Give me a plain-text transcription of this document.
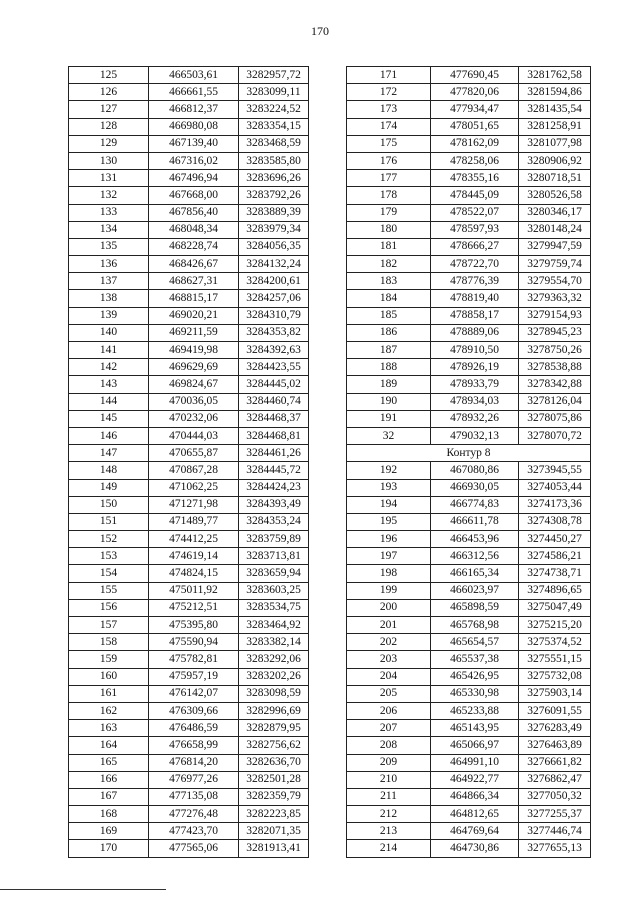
170
125	466503,61	3282957,72
126	466661,55	3283099,11
127	466812,37	3283224,52
128	466980,08	3283354,15
129	467139,40	3283468,59
130	467316,02	3283585,80
131	467496,94	3283696,26
132	467668,00	3283792,26
133	467856,40	3283889,39
134	468048,34	3283979,34
135	468228,74	3284056,35
136	468426,67	3284132,24
137	468627,31	3284200,61
138	468815,17	3284257,06
139	469020,21	3284310,79
140	469211,59	3284353,82
141	469419,98	3284392,63
142	469629,69	3284423,55
143	469824,67	3284445,02
144	470036,05	3284460,74
145	470232,06	3284468,37
146	470444,03	3284468,81
147	470655,87	3284461,26
148	470867,28	3284445,72
149	471062,25	3284424,23
150	471271,98	3284393,49
151	471489,77	3284353,24
152	474412,25	3283759,89
153	474619,14	3283713,81
154	474824,15	3283659,94
155	475011,92	3283603,25
156	475212,51	3283534,75
157	475395,80	3283464,92
158	475590,94	3283382,14
159	475782,81	3283292,06
160	475957,19	3283202,26
161	476142,07	3283098,59
162	476309,66	3282996,69
163	476486,59	3282879,95
164	476658,99	3282756,62
165	476814,20	3282636,70
166	476977,26	3282501,28
167	477135,08	3282359,79
168	477276,48	3282223,85
169	477423,70	3282071,35
170	477565,06	3281913,41
171	477690,45	3281762,58
172	477820,06	3281594,86
173	477934,47	3281435,54
174	478051,65	3281258,91
175	478162,09	3281077,98
176	478258,06	3280906,92
177	478355,16	3280718,51
178	478445,09	3280526,58
179	478522,07	3280346,17
180	478597,93	3280148,24
181	478666,27	3279947,59
182	478722,70	3279759,74
183	478776,39	3279554,70
184	478819,40	3279363,32
185	478858,17	3279154,93
186	478889,06	3278945,23
187	478910,50	3278750,26
188	478926,19	3278538,88
189	478933,79	3278342,88
190	478934,03	3278126,04
191	478932,26	3278075,86
32	479032,13	3278070,72
Контур 8		
192	467080,86	3273945,55
193	466930,05	3274053,44
194	466774,83	3274173,36
195	466611,78	3274308,78
196	466453,96	3274450,27
197	466312,56	3274586,21
198	466165,34	3274738,71
199	466023,97	3274896,65
200	465898,59	3275047,49
201	465768,98	3275215,20
202	465654,57	3275374,52
203	465537,38	3275551,15
204	465426,95	3275732,08
205	465330,98	3275903,14
206	465233,88	3276091,55
207	465143,95	3276283,49
208	465066,97	3276463,89
209	464991,10	3276661,82
210	464922,77	3276862,47
211	464866,34	3277050,32
212	464812,65	3277255,37
213	464769,64	3277446,74
214	464730,86	3277655,13
